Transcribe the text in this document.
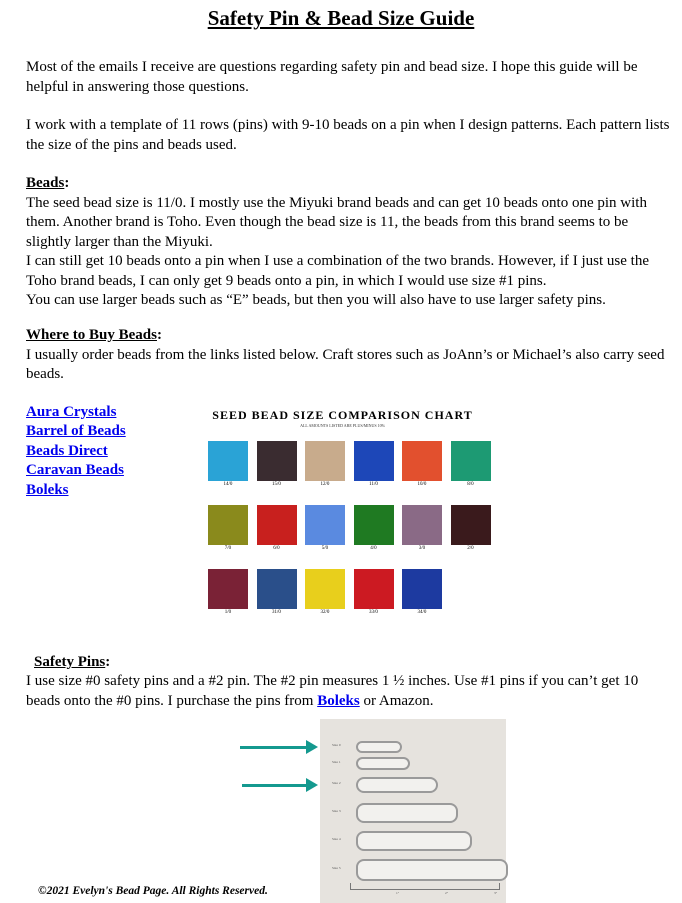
Safety Pin & Bead Size Guide

Most of the emails I receive are questions regarding safety pin and bead size. I hope this guide will be helpful in answering those questions.

I work with a template of 11 rows (pins) with 9-10 beads on a pin when I design patterns. Each pattern lists the size of the pins and beads used.

Beads:
The seed bead size is 11/0. I mostly use the Miyuki brand beads and can get 10 beads onto one pin with them. Another brand is Toho. Even though the bead size is 11, the beads from this brand seems to be slightly larger than the Miyuki.
I can still get 10 beads onto a pin when I use a combination of the two brands. However, if I just use the Toho brand beads, I can only get 9 beads onto a pin, in which I would use size #1 pins.
You can use larger beads such as “E” beads, but then you will also have to use larger safety pins.
Where to Buy Beads:
I usually order beads from the links listed below. Craft stores such as JoAnn’s or Michael’s also carry seed beads.
Aura Crystals
Barrel of Beads
Beads Direct
Caravan Beads
Boleks
SEED BEAD SIZE COMPARISON CHART
ALL AMOUNTS LISTED ARE PLUS/MINUS 10%
14/0	15/0	12/0	11/0	10/0	8/0
7/0	6/0	5/0	4/0	3/0	2/0
1/0	31/0	32/0	33/0	34/0
Safety Pins:
I use size #0 safety pins and a #2 pin. The #2 pin measures 1 ½ inches. Use #1 pins if you can’t get 10 beads onto the #0 pins. I purchase the pins from Boleks or Amazon.
Size 0
Size 1
Size 2
Size 3
Size 4
Size 5
1"	2"	3"
©2021 Evelyn's Bead Page. All Rights Reserved.
